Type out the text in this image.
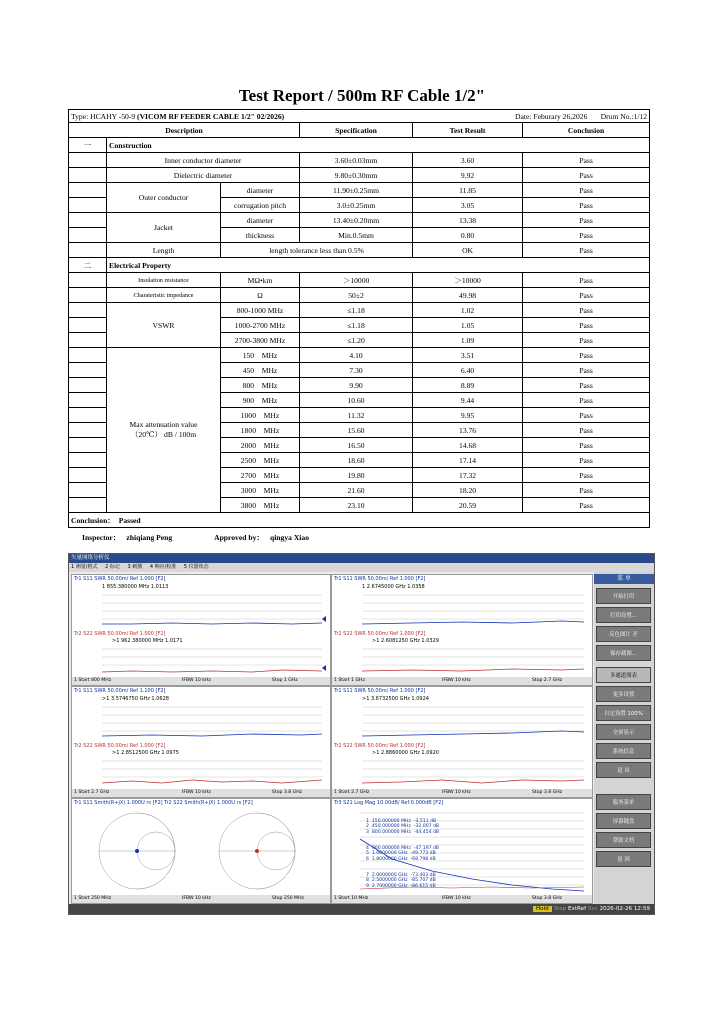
Test Report / 500m RF Cable 1/2"
Type: HCAHY -50-9 (VICOM RF FEEDER CABLE 1/2" 02/2026)				Date: Feburary 26,2026 Drum No.:1/12	
Description			Specification	Test Result	Conclusion
一	Construction				
	Inner conductor diameter		3.60±0.03mm	3.60	Pass
	Dielectric diameter		9.80±0.30mm	9.92	Pass
	Outer conductor	diameter	11.90±0.25mm	11.85	Pass
		corrugation pitch	3.0±0.25mm	3.05	Pass
	Jacket	diameter	13.40±0.20mm	13.38	Pass
		thickness	Min.0.5mm	0.80	Pass
	Length	length tolerance less than 0.5%		OK	Pass
二	Electrical Property				
	Insulation resistance	MΩ•km	＞10000	＞10000	Pass
	Charateristic impedance	Ω	50±2	49.98	Pass
	VSWR	800-1000 MHz	≤1.18	1.02	Pass
		1000-2700 MHz	≤1.18	1.05	Pass
		2700-3800 MHz	≤1.20	1.09	Pass
	Max attenuation value
（20℃） dB / 100m	150    MHz	4.10	3.51	Pass
		450    MHz	7.30	6.40	Pass
		800    MHz	9.90	8.89	Pass
		900    MHz	10.60	9.44	Pass
		1000    MHz	11.32	9.95	Pass
		1800    MHz	15.60	13.76	Pass
		2000    MHz	16.50	14.68	Pass
		2500    MHz	18.60	17.14	Pass
		2700    MHz	19.80	17.32	Pass
		3000    MHz	21.60	18.20	Pass
		3800    MHz	23.10	20.59	Pass
Conclusion： Passed					
Inspector： zhiqiang Peng	Approved by： qingya Xiao
矢量网络分析仪
1 测量/格式 2 标记 3 刺激 4 响应/校准 5 仪器状态
Tr1 S11 SWR 50.00m/ Ref 1.000 [F2]
1 855.380000 MHz 1.0113
Tr2 S22 SWR 50.00m/ Ref 1.000 [F2]
>1 962.380000 MHz 1.0171
1 Start 800 MHz	IFBW 10 kHz	Stop 1 GHz
Tr1 S11 SWR 50.00m/ Ref 1.000 [F2]
1 2.6745000 GHz 1.0358
Tr2 S22 SWR 50.00m/ Ref 1.000 [F2]
>1 2.6081250 GHz 1.0329
1 Start 1 GHz	IFBW 10 kHz	Stop 2.7 GHz
Tr1 S11 SWR 50.00m/ Ref 1.100 [F2]
>1 3.5746750 GHz 1.0628
Tr2 S22 SWR 50.00m/ Ref 1.000 [F2]
>1 2.8512500 GHz 1.0975
1 Start 2.7 GHz	IFBW 10 kHz	Stop 3.8 GHz
Tr1 S11 SWR 50.00m/ Ref 1.000 [F2]
>1 3.6732500 GHz 1.0924
Tr2 S22 SWR 50.00m/ Ref 1.000 [F2]
>1 2.8860000 GHz 1.0920
1 Start 2.7 GHz	IFBW 10 kHz	Stop 3.8 GHz
Tr1 S11 Smith(R+jX) 1.000U rs [F2] Tr2 S22 Smith(R+jX) 1.000U rs [F2]
1 Start 250 MHz	IFBW 10 kHz	Stop 250 MHz
Tr3 S21 Log Mag 10.00dB/ Ref 0.000dB [F2]

1  150.000000 MHz  -3.511 dB
2  450.000000 MHz  -32.007 dB
3  800.000000 MHz  -44.454 dB

4  900.000000 MHz  -47.197 dB
5  1.0000000 GHz  -49.773 dB
6  1.8000000 GHz  -68.798 dB

7  2.0000000 GHz  -73.403 dB
8  2.5000000 GHz  -85.707 dB
9  2.7000000 GHz  -86.615 dB

1 Start 10 MHz	IFBW 10 kHz	Stop 3.8 GHz
菜 单
开始打印
打印设置...
反色图片 开
保存截图...
多通道图表
更多设置
自定设置 100%
全屏显示
系统信息
退 出
服务菜单
屏幕键盘
帮助文档
返 回
Hold Stop ExtRef Svc 2026-02-26 12:59
